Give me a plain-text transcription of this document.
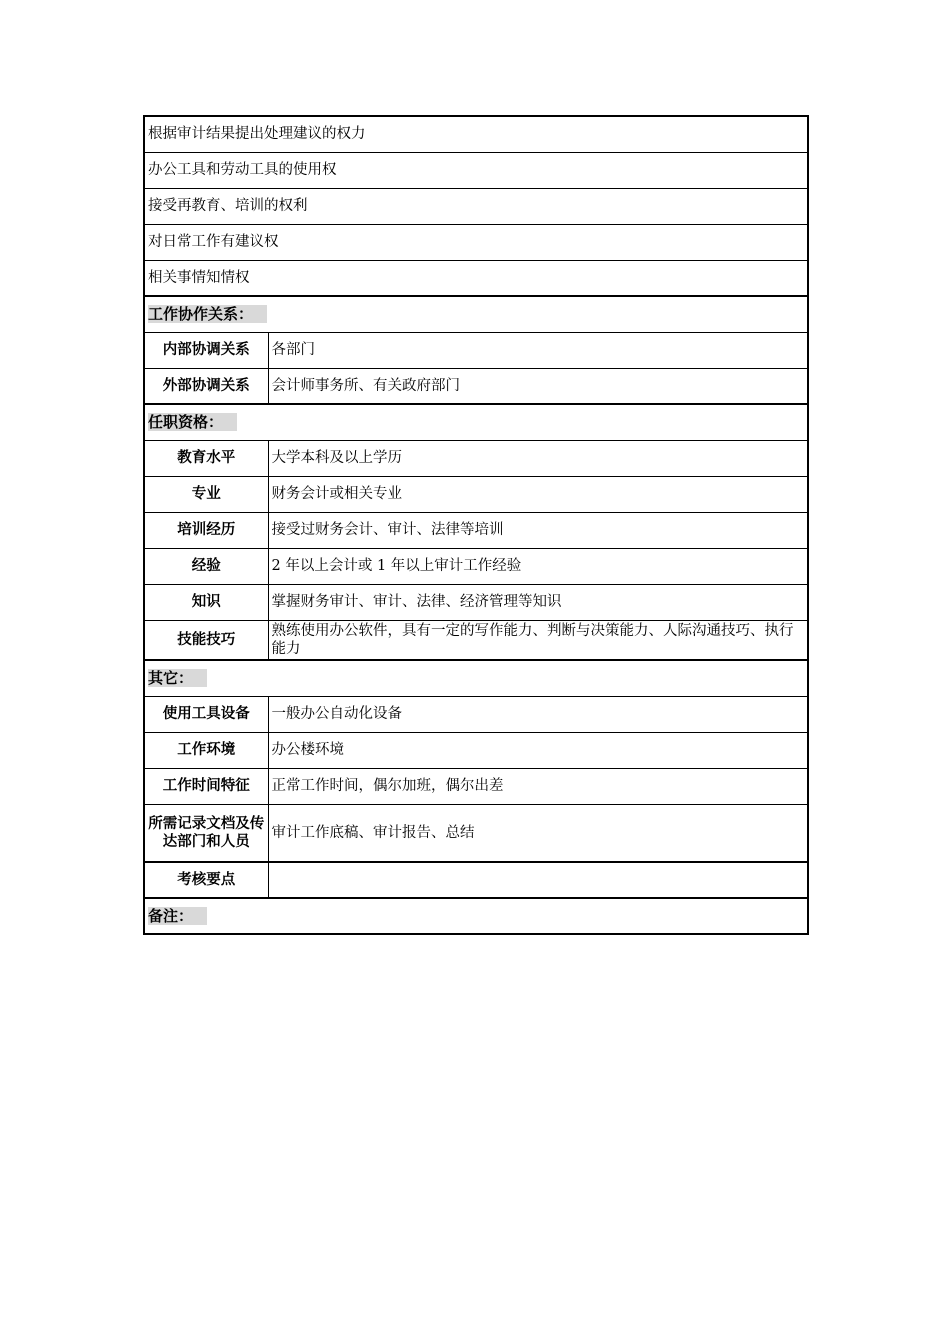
根据审计结果提出处理建议的权力	
办公工具和劳动工具的使用权	
接受再教育、培训的权利	
对日常工作有建议权	
相关事情知情权	
工作协作关系：	
内部协调关系	各部门
外部协调关系	会计师事务所、有关政府部门
任职资格：	
教育水平	大学本科及以上学历
专业	财务会计或相关专业
培训经历	接受过财务会计、审计、法律等培训
经验	2 年以上会计或 1 年以上审计工作经验
知识	掌握财务审计、审计、法律、经济管理等知识
技能技巧	熟练使用办公软件，具有一定的写作能力、判断与决策能力、人际沟通技巧、执行能力
其它：	
使用工具设备	一般办公自动化设备
工作环境	办公楼环境
工作时间特征	正常工作时间，偶尔加班，偶尔出差
所需记录文档及传达部门和人员	审计工作底稿、审计报告、总结
考核要点	
备注：	
